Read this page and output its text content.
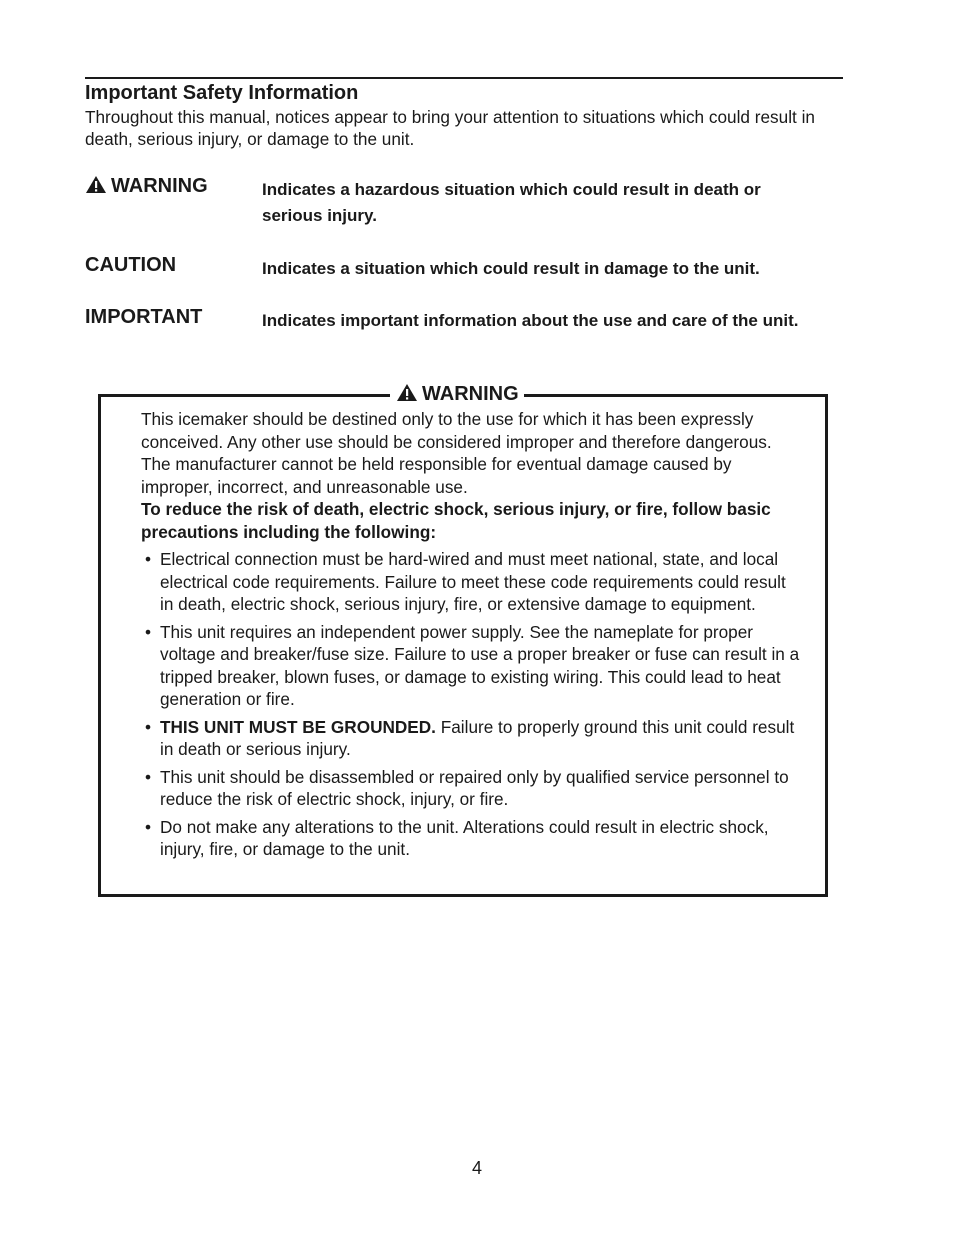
Important Safety Information

Throughout this manual, notices appear to bring your attention to situations which could result in death, serious injury, or damage to the unit.

WARNING	Indicates a hazardous situation which could result in death or serious injury.
CAUTION	Indicates a situation which could result in damage to the unit.
IMPORTANT	Indicates important information about the use and care of the unit.
WARNING

This icemaker should be destined only to the use for which it has been expressly conceived. Any other use should be considered improper and therefore dangerous. The manufacturer cannot be held responsible for eventual damage caused by improper, incorrect, and unreasonable use.

To reduce the risk of death, electric shock, serious injury, or fire, follow basic precautions including the following:

• Electrical connection must be hard-wired and must meet national, state, and local electrical code requirements. Failure to meet these code requirements could result in death, electric shock, serious injury, fire, or extensive damage to equipment.
• This unit requires an independent power supply. See the nameplate for proper voltage and breaker/fuse size. Failure to use a proper breaker or fuse can result in a tripped breaker, blown fuses, or damage to existing wiring. This could lead to heat generation or fire.
• THIS UNIT MUST BE GROUNDED. Failure to properly ground this unit could result in death or serious injury.
• This unit should be disassembled or repaired only by qualified service personnel to reduce the risk of electric shock, injury, or fire.
• Do not make any alterations to the unit. Alterations could result in electric shock, injury, fire, or damage to the unit.
4
